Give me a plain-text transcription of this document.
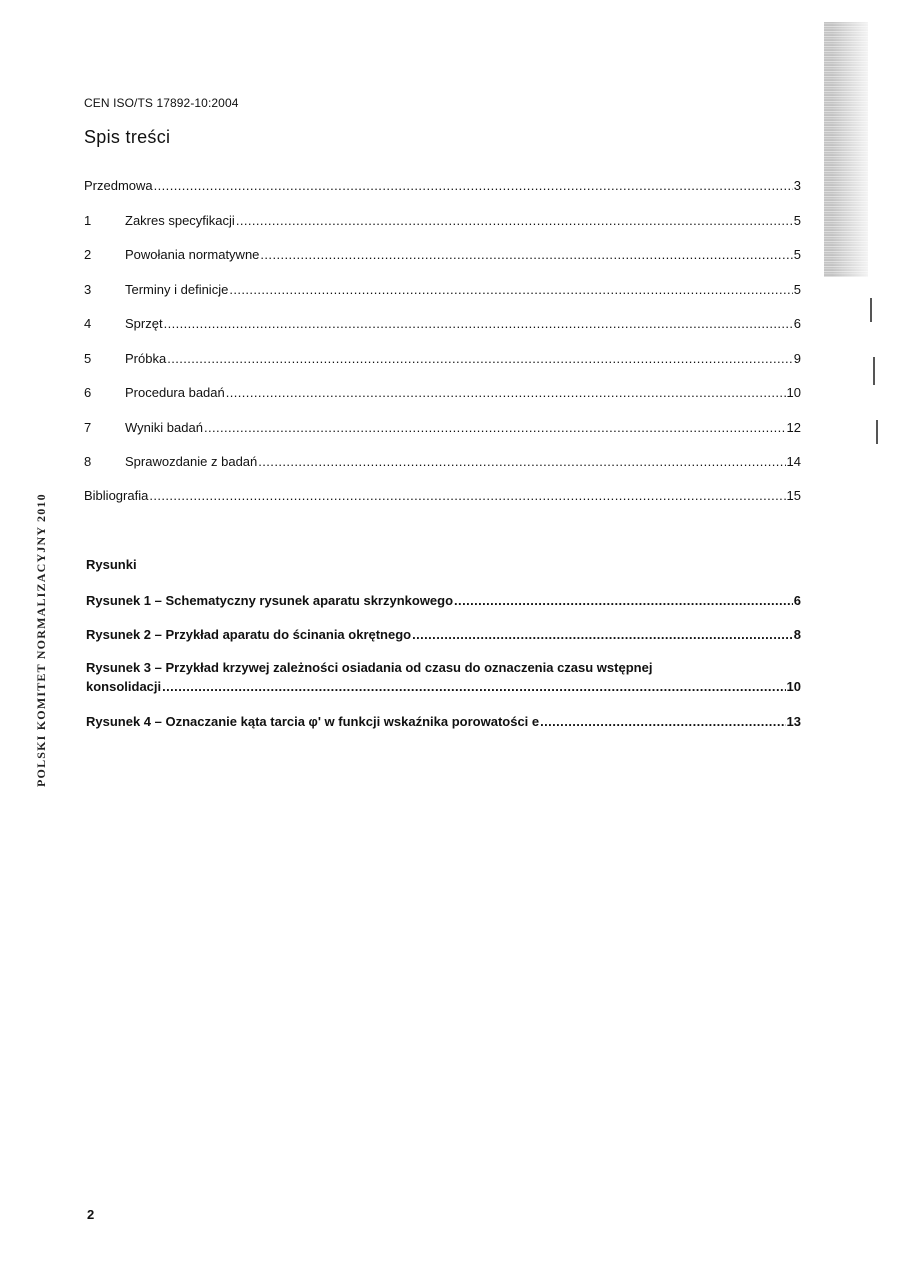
CEN ISO/TS 17892-10:2004
Spis treści
Przedmowa .....	3
1	Zakres specyfikacji .....	5
2	Powołania normatywne .....	5
3	Terminy i definicje .....	5
4	Sprzęt .....	6
5	Próbka .....	9
6	Procedura badań .....	10
7	Wyniki badań .....	12
8	Sprawozdanie z badań .....	14
Bibliografia .....	15
Rysunki
Rysunek 1 – Schematyczny rysunek aparatu skrzynkowego .....	6
Rysunek 2 – Przykład aparatu do ścinania okrętnego .....	8
Rysunek 3 – Przykład krzywej zależności osiadania od czasu do oznaczenia czasu wstępnej
konsolidacji .....	10
Rysunek 4 – Oznaczanie kąta tarcia φ' w funkcji wskaźnika porowatości e .....	13
POLSKI KOMITET NORMALIZACYJNY 2010
2
